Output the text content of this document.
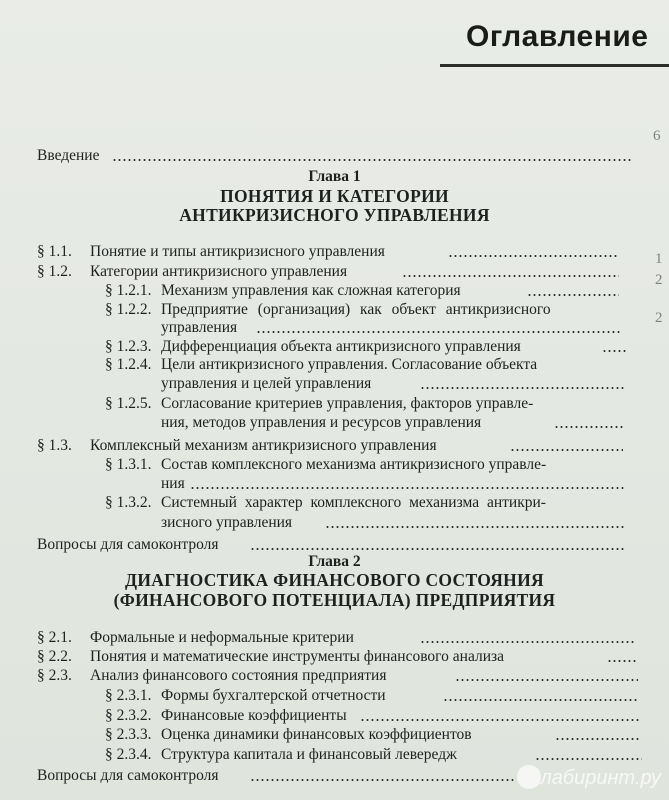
Оглавление
6
1
2
2
Введение
Глава 1
ПОНЯТИЯ И КАТЕГОРИИ
АНТИКРИЗИСНОГО УПРАВЛЕНИЯ
§ 1.1. Понятие и типы антикризисного управления
§ 1.2. Категории антикризисного управления
§ 1.2.1. Механизм управления как сложная категория
§ 1.2.2. Предприятие (организация) как объект антикризисного
управления
§ 1.2.3. Дифференциация объекта антикризисного управления
§ 1.2.4. Цели антикризисного управления. Согласование объекта
управления и целей управления
§ 1.2.5. Согласование критериев управления, факторов управле-
ния, методов управления и ресурсов управления
§ 1.3. Комплексный механизм антикризисного управления
§ 1.3.1. Состав комплексного механизма антикризисного управле-
ния
§ 1.3.2. Системный характер комплексного механизма антикри-
зисного управления
Вопросы для самоконтроля
Глава 2
ДИАГНОСТИКА ФИНАНСОВОГО СОСТОЯНИЯ
(ФИНАНСОВОГО ПОТЕНЦИАЛА) ПРЕДПРИЯТИЯ
§ 2.1. Формальные и неформальные критерии
§ 2.2. Понятия и математические инструменты финансового анализа
§ 2.3. Анализ финансового состояния предприятия
§ 2.3.1. Формы бухгалтерской отчетности
§ 2.3.2. Финансовые коэффициенты
§ 2.3.3. Оценка динамики финансовых коэффициентов
§ 2.3.4. Структура капитала и финансовый левередж
Вопросы для самоконтроля	лабиринт.ру
